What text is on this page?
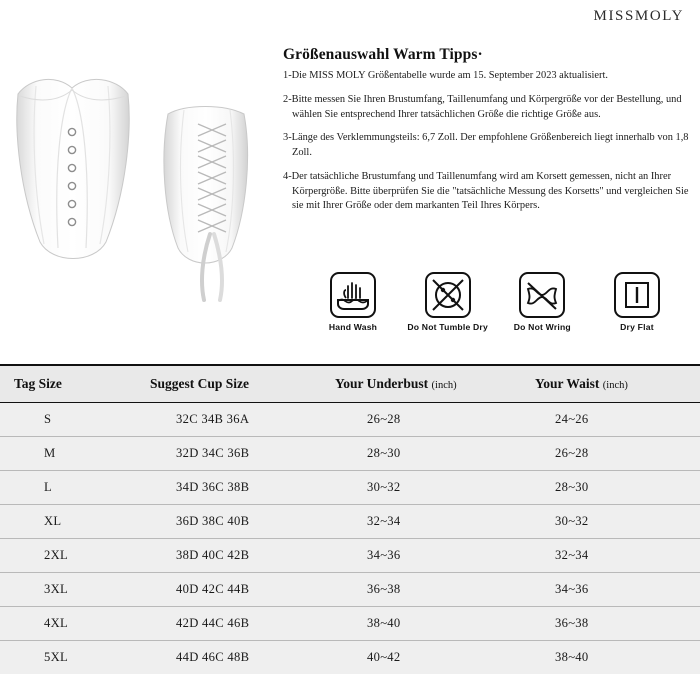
MISSMOLY
Größenauswahl Warm Tipps·

1-Die MISS MOLY Größentabelle wurde am 15. September 2023 aktualisiert.

2-Bitte messen Sie Ihren Brustumfang, Taillenumfang und Körpergröße vor der Bestellung, und wählen Sie entsprechend Ihrer tatsächlichen Größe die richtige Größe aus.

3-Länge des Verklemmungsteils: 6,7 Zoll. Der empfohlene Größenbereich liegt innerhalb von 1,8 Zoll.

4-Der tatsächliche Brustumfang und Taillenumfang wird am Korsett gemessen, nicht an Ihrer Körpergröße. Bitte überprüfen Sie die "tatsächliche Messung des Korsetts" und vergleichen Sie sie mit Ihrer Größe oder dem markanten Teil Ihres Körpers.

Hand Wash	Do Not Tumble Dry	Do Not Wring	Dry Flat
Tag Size	Suggest Cup Size	Your Underbust (inch)	Your Waist (inch)
S	32C 34B 36A	26~28	24~26
M	32D 34C 36B	28~30	26~28
L	34D 36C 38B	30~32	28~30
XL	36D 38C 40B	32~34	30~32
2XL	38D 40C 42B	34~36	32~34
3XL	40D 42C 44B	36~38	34~36
4XL	42D 44C 46B	38~40	36~38
5XL	44D 46C 48B	40~42	38~40
